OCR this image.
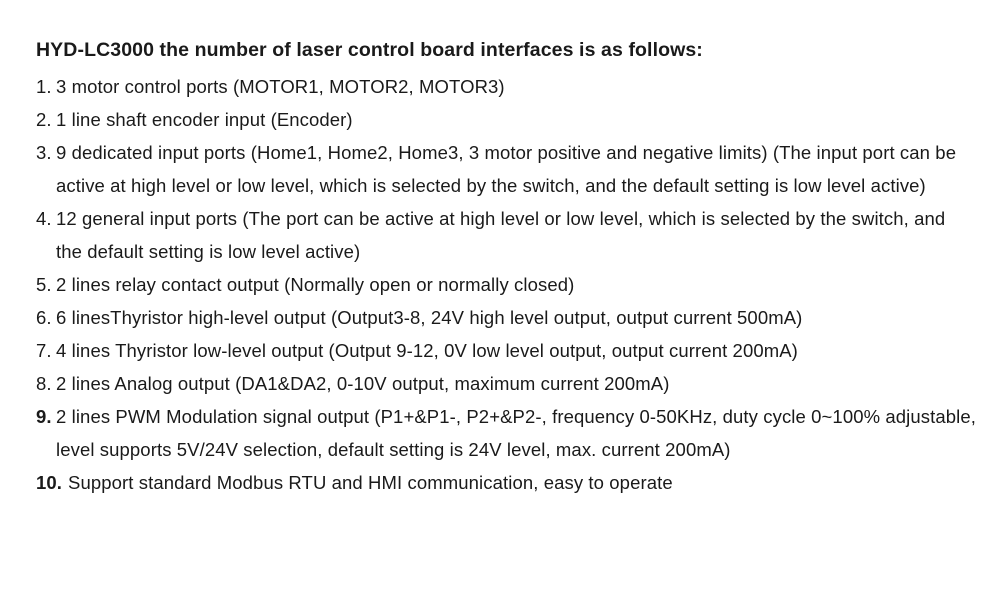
HYD-LC3000 the number of laser control board interfaces is as follows:
1. 3 motor control ports (MOTOR1, MOTOR2, MOTOR3)
2. 1 line shaft encoder input (Encoder)
3. 9 dedicated input ports (Home1, Home2, Home3, 3 motor positive and negative limits) (The input port can be active at high level or low level, which is selected by the switch, and the default setting is low level active)
4. 12 general input ports (The port can be active at high level or low level, which is selected by the switch, and the default setting is low level active)
5. 2 lines relay contact output (Normally open or normally closed)
6. 6 linesThyristor high-level output (Output3-8, 24V high level output, output current 500mA)
7. 4 lines Thyristor low-level output (Output 9-12, 0V low level output, output current 200mA)
8. 2 lines Analog output (DA1&DA2, 0-10V output, maximum current 200mA)
9. 2 lines PWM Modulation signal output (P1+&P1-, P2+&P2-, frequency 0-50KHz, duty cycle 0~100% adjustable, level supports 5V/24V selection, default setting is 24V level, max. current 200mA)
10. Support standard Modbus RTU and HMI communication, easy to operate
